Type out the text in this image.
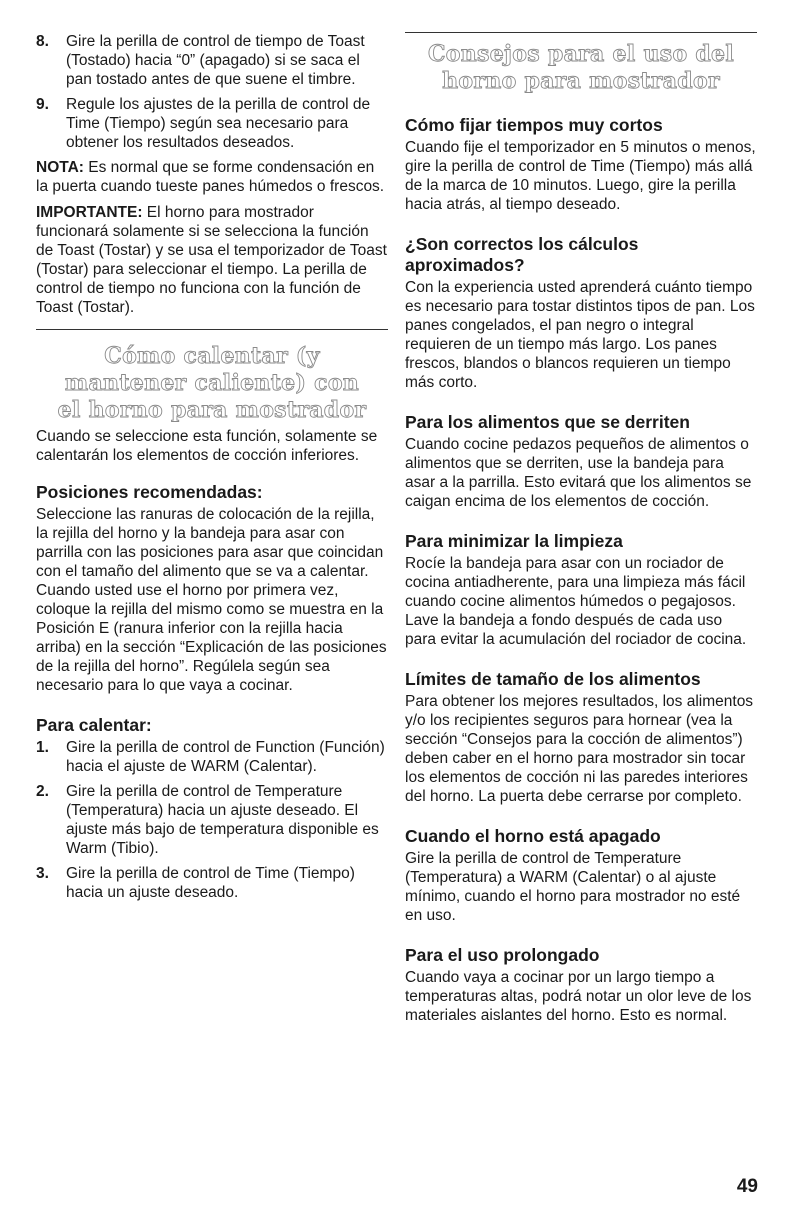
8.	Gire la perilla de control de tiempo de Toast (Tostado) hacia “0” (apagado) si se saca el pan tostado antes de que suene el timbre.
9.	Regule los ajustes de la perilla de control de Time (Tiempo) según sea necesario para obtener los resultados deseados.

NOTA: Es normal que se forme condensación en la puerta cuando tueste panes húmedos o frescos.

IMPORTANTE: El horno para mostrador funcionará solamente si se selecciona la función de Toast (Tostar) y se usa el temporizador de Toast (Tostar) para seleccionar el tiempo. La perilla de control de tiempo no funciona con la función de Toast (Tostar).

Cómo calentar (y mantener caliente) con el horno para mostrador

Cuando se seleccione esta función, solamente se calentarán los elementos de cocción inferiores.

Posiciones recomendadas:

Seleccione las ranuras de colocación de la rejilla, la rejilla del horno y la bandeja para asar con parrilla con las posiciones para asar que coincidan con el tamaño del alimento que se va a calentar. Cuando usted use el horno por primera vez, coloque la rejilla del mismo como se muestra en la Posición E (ranura inferior con la rejilla hacia arriba) en la sección “Explicación de las posiciones de la rejilla del horno”. Regúlela según sea necesario para lo que vaya a cocinar.

Para calentar:
1.	Gire la perilla de control de Function (Función) hacia el ajuste de WARM (Calentar).
2.	Gire la perilla de control de Temperature (Temperatura) hacia un ajuste deseado. El ajuste más bajo de temperatura disponible es Warm (Tibio).
3.	Gire la perilla de control de Time (Tiempo) hacia un ajuste deseado.
Consejos para el uso del horno para mostrador
Cómo fijar tiempos muy cortos

Cuando fije el temporizador en 5 minutos o menos, gire la perilla de control de Time (Tiempo) más allá de la marca de 10 minutos. Luego, gire la perilla hacia atrás, al tiempo deseado.

¿Son correctos los cálculos aproximados?

Con la experiencia usted aprenderá cuánto tiempo es necesario para tostar distintos tipos de pan. Los panes congelados, el pan negro o integral requieren de un tiempo más largo. Los panes frescos, blandos o blancos requieren un tiempo más corto.

Para los alimentos que se derriten

Cuando cocine pedazos pequeños de alimentos o alimentos que se derriten, use la bandeja para asar a la parrilla. Esto evitará que los alimentos se caigan encima de los elementos de cocción.

Para minimizar la limpieza

Rocíe la bandeja para asar con un rociador de cocina antiadherente, para una limpieza más fácil cuando cocine alimentos húmedos o pegajosos. Lave la bandeja a fondo después de cada uso para evitar la acumulación del rociador de cocina.

Límites de tamaño de los alimentos

Para obtener los mejores resultados, los alimentos y/o los recipientes seguros para hornear (vea la sección “Consejos para la cocción de alimentos”) deben caber en el horno para mostrador sin tocar los elementos de cocción ni las paredes interiores del horno. La puerta debe cerrarse por completo.

Cuando el horno está apagado

Gire la perilla de control de Temperature (Temperatura) a WARM (Calentar) o al ajuste mínimo, cuando el horno para mostrador no esté en uso.

Para el uso prolongado

Cuando vaya a cocinar por un largo tiempo a temperaturas altas, podrá notar un olor leve de los materiales aislantes del horno. Esto es normal.

49
